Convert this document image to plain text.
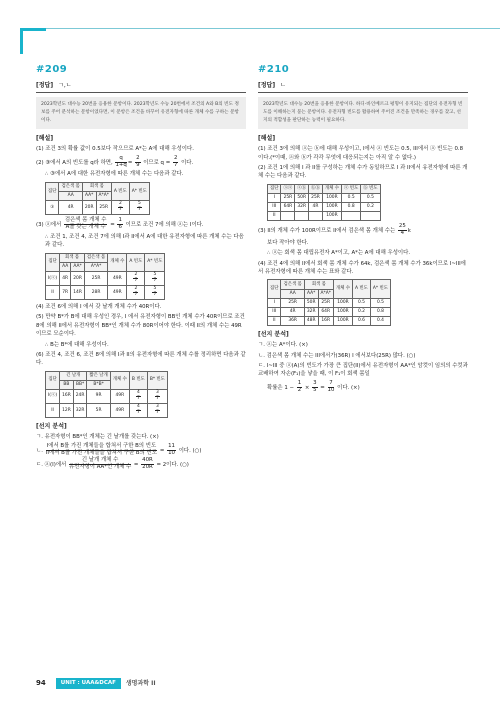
#209
[정답] ㄱ,ㄴ
2023학년도 대수능 20번을 응용한 문항이다. 2023학년도 수능 20번에서 조건의 A와 B의 빈도 정보를 주어 분석하는 문항이었다면, 이 문항은 조건을 바꾸어 유전자형에 따른 개체 수를 구하는 문항이다.
[해설]
(1) 조건 3의 확률 값이 0.5보다 작으므로 A*는 A에 대해 우성이다.
(2) ③에서 A의 빈도를 q라 하면, $\frac{q}{1+q} = \frac{2}{9}$ 이므로 $q = \frac{2}{7}$ 이다.
∴ ③에서 A에 대한 유전자형에 따른 개체 수는 다음과 같다.
집단	검은색 몸	회색 몸		A 빈도	A* 빈도
	AA	AA*	A*A*		
③	4R	20R	25R	$\frac{2}{7}$	$\frac{5}{7}$
(3) ⓐ에서 $\frac{\text{검은색 몸 개체 수}}{\text{A를 갖는 개체 수}} = \frac{1}{6}$ 이므로 조건 7에 의해 ⓐ는 I이다.
∴ 조건 1, 조건 4, 조건 7에 의해 I과 II에서 A에 대한 유전자형에 따른 개체 수는 다음과 같다.
집단	회색 몸		검은색 몸	개체 수	A 빈도	A* 빈도
	AA	AA*	A*A*			
I(ⓐ)	4R	20R	25R	49R	$\frac{2}{7}$	$\frac{5}{7}$

II	7R	14R	28R	49R	$\frac{2}{7}$	$\frac{5}{7}$
(4) 조건 6에 의해 I 에서 갖 날개 개체 수가 40R이다.
(5) 만약 B*가 B에 대해 우성인 경우, I 에서 유전자형이 BB인 개체 수가 40R이므로 조건 8에 의해 II에서 유전자형이 BB*인 개체 수가 80R이어야 한다. 이때 II의 개체 수는 49R이므로 모순이다.
∴ B는 B*에 대해 우성이다.
(6) 조건 4, 조건 6, 조건 8에 의해 I과 II의 유전자형에 따른 개체 수를 정리하면 다음과 같다.
집단	긴 날개		짧은 날개	개체 수	B 빈도	B* 빈도
	BB	BB*	B*B*			
I(ⓐ)	16R	24R	9R	49R	$\frac{4}{7}$	$\frac{3}{7}$

II	12R	32R	5R	49R	$\frac{4}{7}$	$\frac{3}{7}$
[선지 분석]
ㄱ. 유전자형이 BB*인 개체는 긴 날개를 갖는다. (×)
ㄴ. $\frac{\text{I에서 B를 가진 개체들을 합쳐서 구한 B의 빈도}}{\text{II에서 B를 가진 개체들을 합쳐서 구한 B의 빈도}} = \frac{11}{10}$ 이다. (○)
ㄷ. ⓐ(I)에서 $\frac{\text{긴 날개 개체 수}}{\text{유전자형이 AA*인 개체 수}} = \frac{40R}{20R} = 2$이다. (○)
#210
[정답] ㄴ
2023학년도 대수능 20번을 응용한 문항이다. 하디-바인베르크 평형이 유지되는 집단의 유전자형 빈도를 이해하는지 묻는 문항이다. 유전자형 빈도를 활용하여 주어진 조건을 만족하는 경우를 찾고, 선지의 적합성을 판단하는 능력이 필요하다.
[해설]
(1) 조건 3에 의해 ⓐ는 ⓑ에 대해 우성이고, I에서 ⓐ 빈도는 0.5, III에서 ⓐ 빈도는 0.8이다.(*이때, ⓐ와 ⓑ가 각각 무엇에 대응되는지는 아직 알 수 없다.)
(2) 조건 1에 의해 I 과 II를 구성하는 개체 수가 동일하므로 I 과 II에서 유전자형에 따른 개체 수는 다음과 같다.
집단	ⓐⓐ	ⓐⓑ	ⓑⓑ	개체 수	ⓐ 빈도	ⓑ 빈도

I	25R	50R	25R	100R	0.5	0.5
III	64R	32R	4R	100R	0.8	0.2
II				100R		
(3) II의 개체 수가 100R이므로 II에서 검은색 몸 개체 수는 $\frac{25}{4}$ k
보다 작아야 한다.
∴ ⓐ는 회색 몸 대립유전자 A*이고, A*는 A에 대해 우성이다.
(4) 조건 4에 의해 II에서 회색 몸 개체 수가 64k, 검은색 몸 개체 수가 36k이므로 I~III에서 유전자형에 따른 개체 수는 표와 같다.
집단	검은색 몸	회색 몸		개체 수	A 빈도	A* 빈도
	AA	AA*	A*A*			
I	25R	50R	25R	100R	0.5	0.5
III	4R	32R	64R	100R	0.2	0.8
II	36R	48R	16R	100R	0.6	0.4
[선지 분석]
ㄱ. ⓐ는 A*이다. (×)
ㄴ. 검은색 몸 개체 수는 III에서가(36R) I 에서보다(25R) 많다. (○)
ㄷ. I~III 중 ⓐ(A)의 빈도가 가장 큰 집단(II)에서 유전자형이 AA*인 암컷이 임의의 수컷과 교배하여 자손(F₁)을 낳을 때, 이 F₁이 회색 몸일
확률은 $1 - \frac{1}{2} \times \frac{3}{5} = \frac{7}{10}$ 이다. (×)
94	UNIT : UAA&DCAF	생명과학 II
